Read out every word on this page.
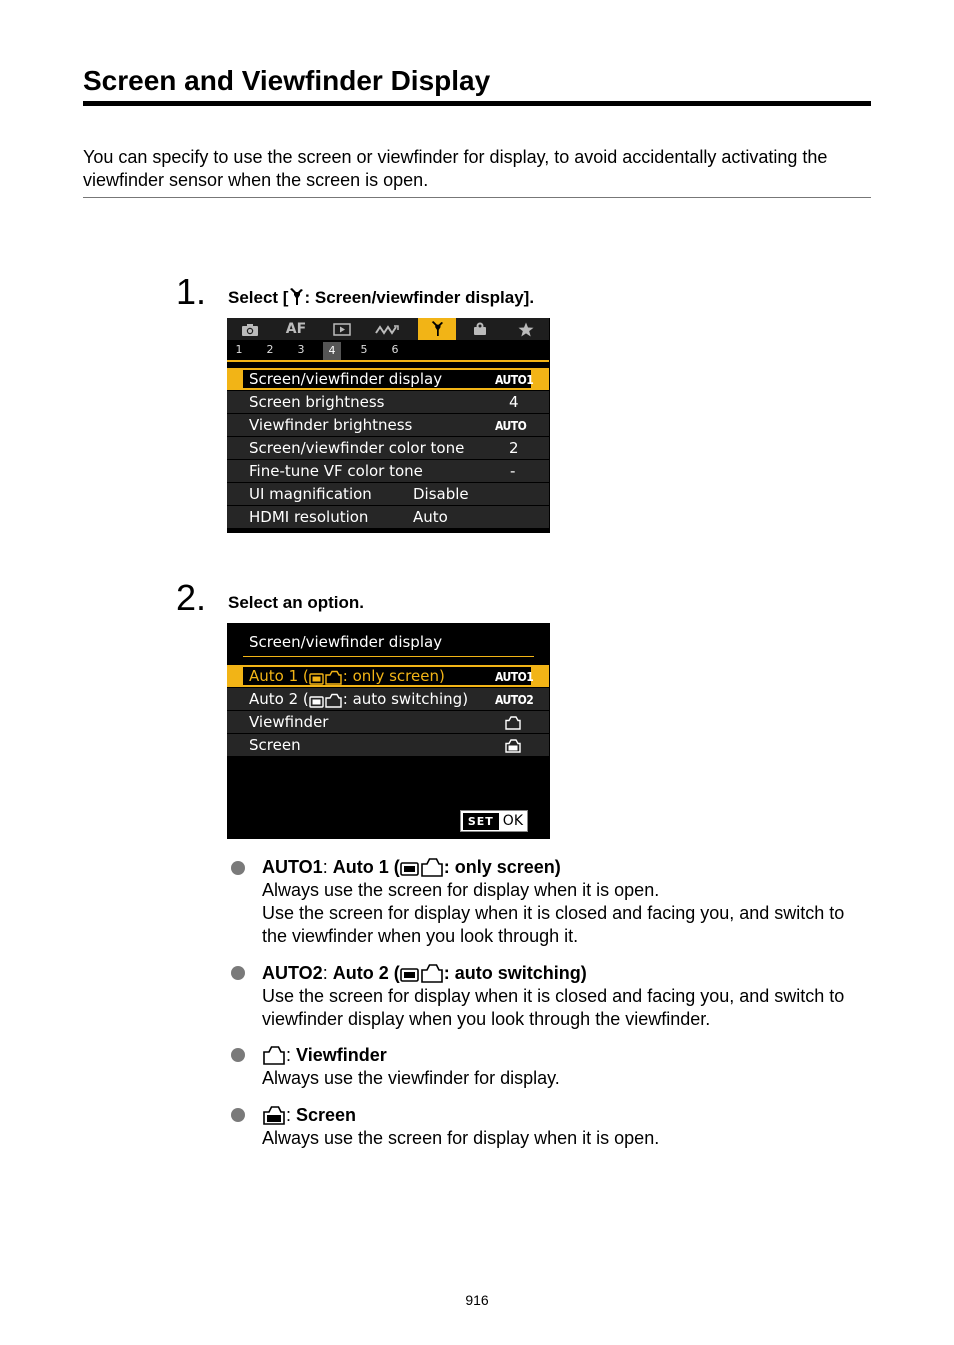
Screen and Viewfinder Display
You can specify to use the screen or viewfinder for display, to avoid accidentally activating the viewfinder sensor when the screen is open.
1. Select [ : Screen/viewfinder display].
AF
1	2	3	4	5	6
Screen/viewfinder display	AUTO1
Screen brightness	4
Viewfinder brightness	AUTO
Screen/viewfinder color tone	2
Fine-tune VF color tone	-
UI magnification	Disable
HDMI resolution	Auto
2. Select an option.
Screen/viewfinder display
Auto 1 ( : only screen)	AUTO1
Auto 2 ( : auto switching) AUTO2
Viewfinder
Screen
SET OK
AUTO1: Auto 1 ( : only screen)
Always use the screen for display when it is open.
Use the screen for display when it is closed and facing you, and switch to the viewfinder when you look through it.
AUTO2: Auto 2 ( : auto switching)
Use the screen for display when it is closed and facing you, and switch to viewfinder display when you look through the viewfinder.
: Viewfinder
Always use the viewfinder for display.
: Screen
Always use the screen for display when it is open.
916
